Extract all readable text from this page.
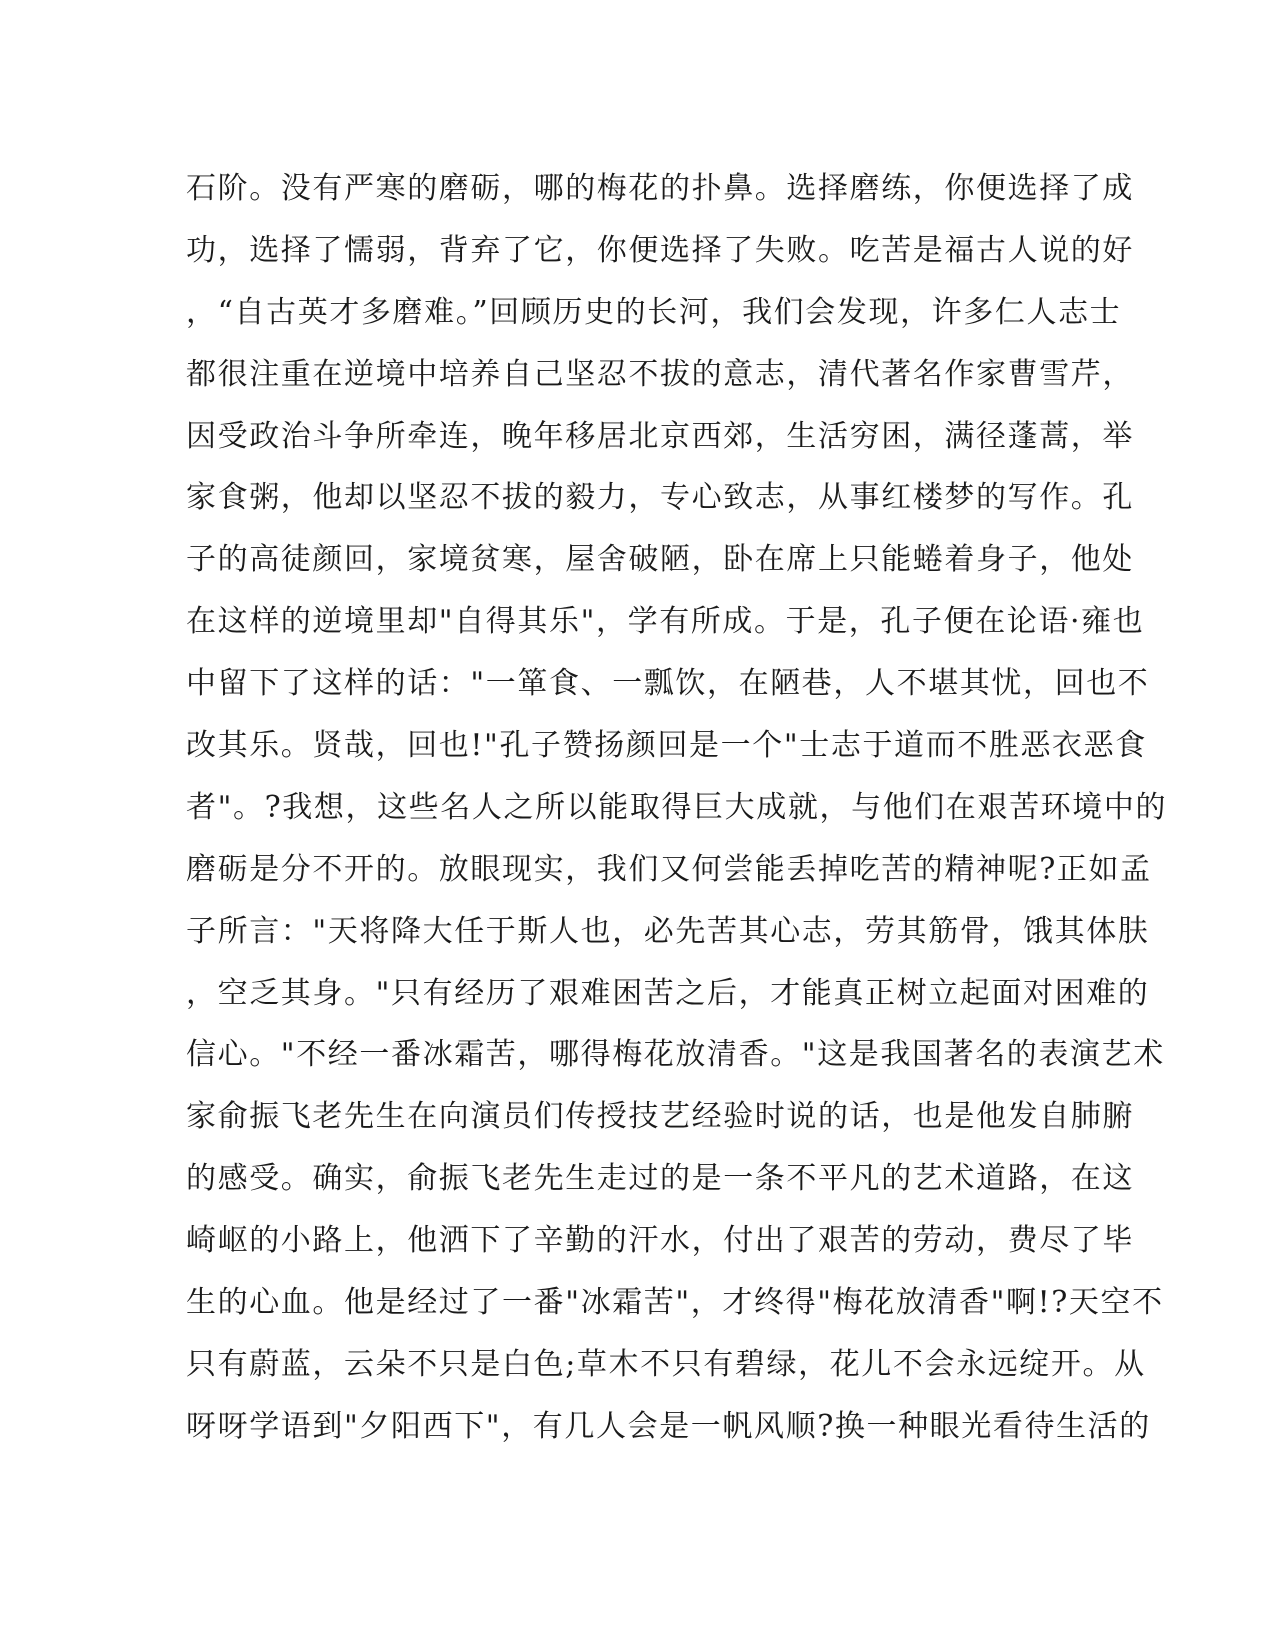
石阶。没有严寒的磨砺，哪的梅花的扑鼻。选择磨练，你便选择了成
功，选择了懦弱，背弃了它，你便选择了失败。吃苦是福古人说的好
，“自古英才多磨难。”回顾历史的长河，我们会发现，许多仁人志士
都很注重在逆境中培养自己坚忍不拔的意志，清代著名作家曹雪芹，
因受政治斗争所牵连，晚年移居北京西郊，生活穷困，满径蓬蒿，举
家食粥，他却以坚忍不拔的毅力，专心致志，从事红楼梦的写作。孔
子的高徒颜回，家境贫寒，屋舍破陋，卧在席上只能蜷着身子，他处
在这样的逆境里却"自得其乐"，学有所成。于是，孔子便在论语·雍也
中留下了这样的话："一箪食、一瓢饮，在陋巷，人不堪其忧，回也不
改其乐。贤哉，回也!"孔子赞扬颜回是一个"士志于道而不胜恶衣恶食
者"。?我想，这些名人之所以能取得巨大成就，与他们在艰苦环境中的
磨砺是分不开的。放眼现实，我们又何尝能丢掉吃苦的精神呢?正如孟
子所言："天将降大任于斯人也，必先苦其心志，劳其筋骨，饿其体肤
，空乏其身。"只有经历了艰难困苦之后，才能真正树立起面对困难的
信心。"不经一番冰霜苦，哪得梅花放清香。"这是我国著名的表演艺术
家俞振飞老先生在向演员们传授技艺经验时说的话，也是他发自肺腑
的感受。确实，俞振飞老先生走过的是一条不平凡的艺术道路，在这
崎岖的小路上，他洒下了辛勤的汗水，付出了艰苦的劳动，费尽了毕
生的心血。他是经过了一番"冰霜苦"，才终得"梅花放清香"啊!?天空不
只有蔚蓝，云朵不只是白色;草木不只有碧绿，花儿不会永远绽开。从
呀呀学语到"夕阳西下"，有几人会是一帆风顺?换一种眼光看待生活的
